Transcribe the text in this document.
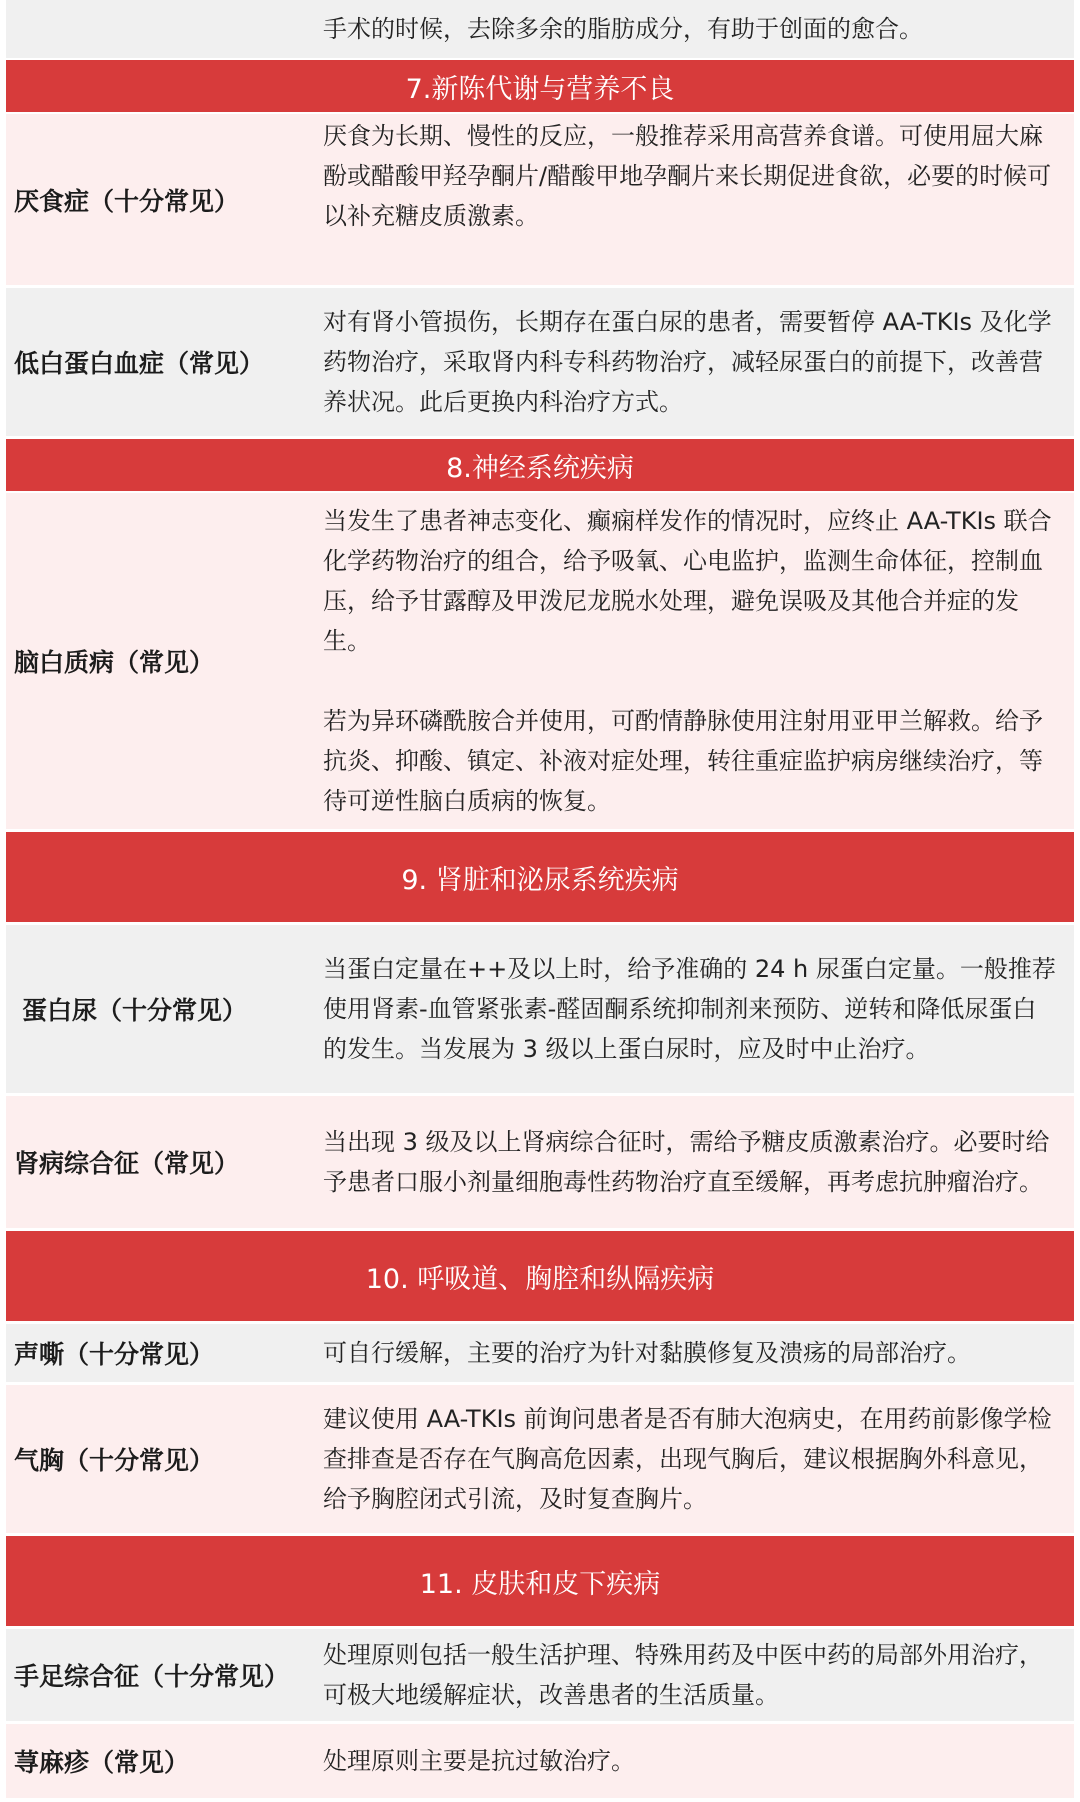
手术的时候，去除多余的脂肪成分，有助于创面的愈合。
7.新陈代谢与营养不良
厌食症（十分常见）
厌食为长期、慢性的反应，一般推荐采用高营养食谱。可使用屈大麻酚或醋酸甲羟孕酮片/醋酸甲地孕酮片来长期促进食欲，必要的时候可以补充糖皮质激素。
低白蛋白血症（常见）
对有肾小管损伤，长期存在蛋白尿的患者，需要暂停 AA-TKIs 及化学药物治疗，采取肾内科专科药物治疗，减轻尿蛋白的前提下，改善营养状况。此后更换内科治疗方式。
8.神经系统疾病
脑白质病（常见）
当发生了患者神志变化、癫痫样发作的情况时，应终止 AA-TKIs 联合化学药物治疗的组合，给予吸氧、心电监护，监测生命体征，控制血压，给予甘露醇及甲泼尼龙脱水处理，避免误吸及其他合并症的发生。
若为异环磷酰胺合并使用，可酌情静脉使用注射用亚甲兰解救。给予抗炎、抑酸、镇定、补液对症处理，转往重症监护病房继续治疗，等待可逆性脑白质病的恢复。
9. 肾脏和泌尿系统疾病
蛋白尿（十分常见）
当蛋白定量在++及以上时，给予准确的 24 h 尿蛋白定量。一般推荐使用肾素-血管紧张素-醛固酮系统抑制剂来预防、逆转和降低尿蛋白的发生。当发展为 3 级以上蛋白尿时，应及时中止治疗。
肾病综合征（常见）
当出现 3 级及以上肾病综合征时，需给予糖皮质激素治疗。必要时给予患者口服小剂量细胞毒性药物治疗直至缓解，再考虑抗肿瘤治疗。
10. 呼吸道、胸腔和纵隔疾病
声嘶（十分常见）	可自行缓解，主要的治疗为针对黏膜修复及溃疡的局部治疗。
气胸（十分常见）
建议使用 AA-TKIs 前询问患者是否有肺大泡病史，在用药前影像学检查排查是否存在气胸高危因素，出现气胸后，建议根据胸外科意见，给予胸腔闭式引流，及时复查胸片。
11. 皮肤和皮下疾病
手足综合征（十分常见）
处理原则包括一般生活护理、特殊用药及中医中药的局部外用治疗，可极大地缓解症状，改善患者的生活质量。
荨麻疹（常见）	处理原则主要是抗过敏治疗。
